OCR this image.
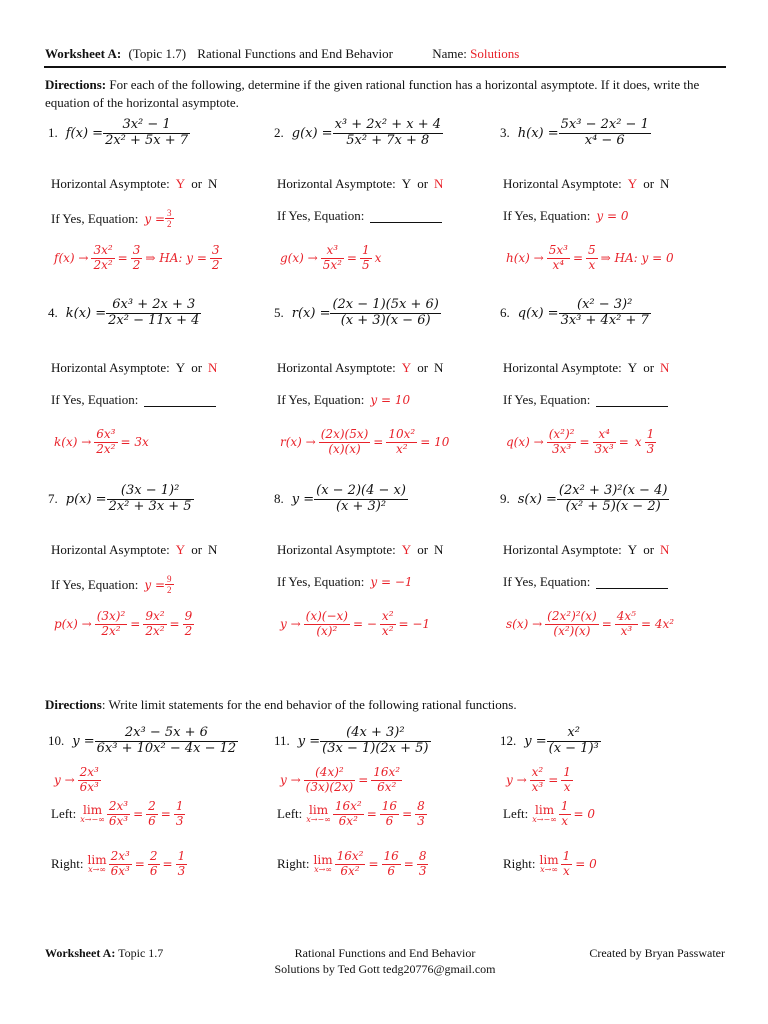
Worksheet A: (Topic 1.7) Rational Functions and End Behavior	Name: Solutions
Directions: For each of the following, determine if the given rational function has a horizontal asymptote. If it does, write the equation of the horizontal asymptote.
1. $f(x) = \frac{\text{3x² − 1}}{\text{2x² + 5x + 7}}$
Horizontal Asymptote: Y or N
If Yes, Equation: $y = \frac{3}{2}$
$f(x) \to \frac{\text{3x²}}{\text{2x²}} = \frac{3}{2}$ ⇒ HA: $y = \frac{3}{2}$
2. $g(x) = \frac{\text{x³ + 2x² + x + 4}}{\text{5x² + 7x + 8}}$
Horizontal Asymptote: Y or N
If Yes, Equation:
$g(x) \to \frac{\text{x³}}{\text{5x²}} = \frac{1}{5}$ x
3. $h(x) = \frac{\text{5x³ − 2x² − 1}}{\text{x⁴ − 6}}$
Horizontal Asymptote: Y or N
If Yes, Equation: y = 0
$h(x) \to \frac{\text{5x³}}{\text{x⁴}} = \frac{5}{x}$ ⇒ HA: y = 0
4. $k(x) = \frac{\text{6x³ + 2x + 3}}{\text{2x² − 11x + 4}}$
Horizontal Asymptote: Y or N
If Yes, Equation:
$k(x) \to \frac{\text{6x³}}{\text{2x²}} = 3x$
5. $r(x) = \frac{(2x - 1)(5x + 6)}{(x + 3)(x - 6)}$
Horizontal Asymptote: Y or N
If Yes, Equation: y = 10
$r(x) \to \frac{(2x)(5x)}{(x)(x)} = \frac{\text{10x²}}{\text{x²}} = 10$
6. $q(x) = \frac{\text{(x² − 3)²}}{\text{3x³ + 4x² + 7}}$
Horizontal Asymptote: Y or N
If Yes, Equation:
$q(x) \to \frac{\text{(x²)²}}{\text{3x³}} = \frac{\text{x⁴}}{\text{3x³}} = x \frac{1}{3}$
7. $p(x) = \frac{\text{(3x − 1)²}}{\text{2x² + 3x + 5}}$
Horizontal Asymptote: Y or N
If Yes, Equation: $y = \frac{9}{2}$
$p(x) \to \frac{\text{(3x)²}}{\text{2x²}} = \frac{\text{9x²}}{\text{2x²}} = \frac{9}{2}$
8. $y = \frac{(x - 2)(4 - x)}{\text{(x + 3)²}}$
Horizontal Asymptote: Y or N
If Yes, Equation: y = −1
$y \to \frac{(x)(-x)}{\text{(x)²}}$ = − $\frac{\text{x²}}{\text{x²}} = -1$
9. $s(x) = \frac{\text{(2x² + 3)²(x − 4)}}{\text{(x² + 5)(x − 2)}}$
Horizontal Asymptote: Y or N
If Yes, Equation:
$s(x) \to \frac{\text{(2x²)²(x)}}{\text{(x²)(x)}} = \frac{\text{4x⁵}}{\text{x³}} = 4x^2$
Directions: Write limit statements for the end behavior of the following rational functions.
10. $y = \frac{\text{2x³ − 5x + 6}}{\text{6x³ + 10x² − 4x − 12}}$
$y \to \frac{\text{2x³}}{\text{6x³}}$
Left: lim
$x\to-\infty \frac{\text{2x³}}{\text{6x³}} = \frac{2}{6} = \frac{1}{3}$
Right: lim
$x\to\infty \frac{\text{2x³}}{\text{6x³}} = \frac{2}{6} = \frac{1}{3}$
11. $y = \frac{\text{(4x + 3)²}}{(3x - 1)(2x + 5)}$
$y \to \frac{\text{(4x)²}}{(3x)(2x)} = \frac{\text{16x²}}{\text{6x²}}$
Left: lim
$x\to-\infty \frac{\text{16x²}}{\text{6x²}} = \frac{16}{6} = \frac{8}{3}$
Right: lim
$x\to\infty \frac{\text{16x²}}{\text{6x²}} = \frac{16}{6} = \frac{8}{3}$
12. $y = \frac{\text{x²}}{\text{(x − 1)³}}$
$y \to \frac{\text{x²}}{\text{x³}} = \frac{1}{x}$
Left: lim
$x\to-\infty \frac{1}{x} = 0$
Right: lim
$x\to\infty \frac{1}{x} = 0$
Worksheet A: Topic 1.7	Rational Functions and End Behavior	Created by Bryan Passwater
Solutions by Ted Gott tedg20776@gmail.com
